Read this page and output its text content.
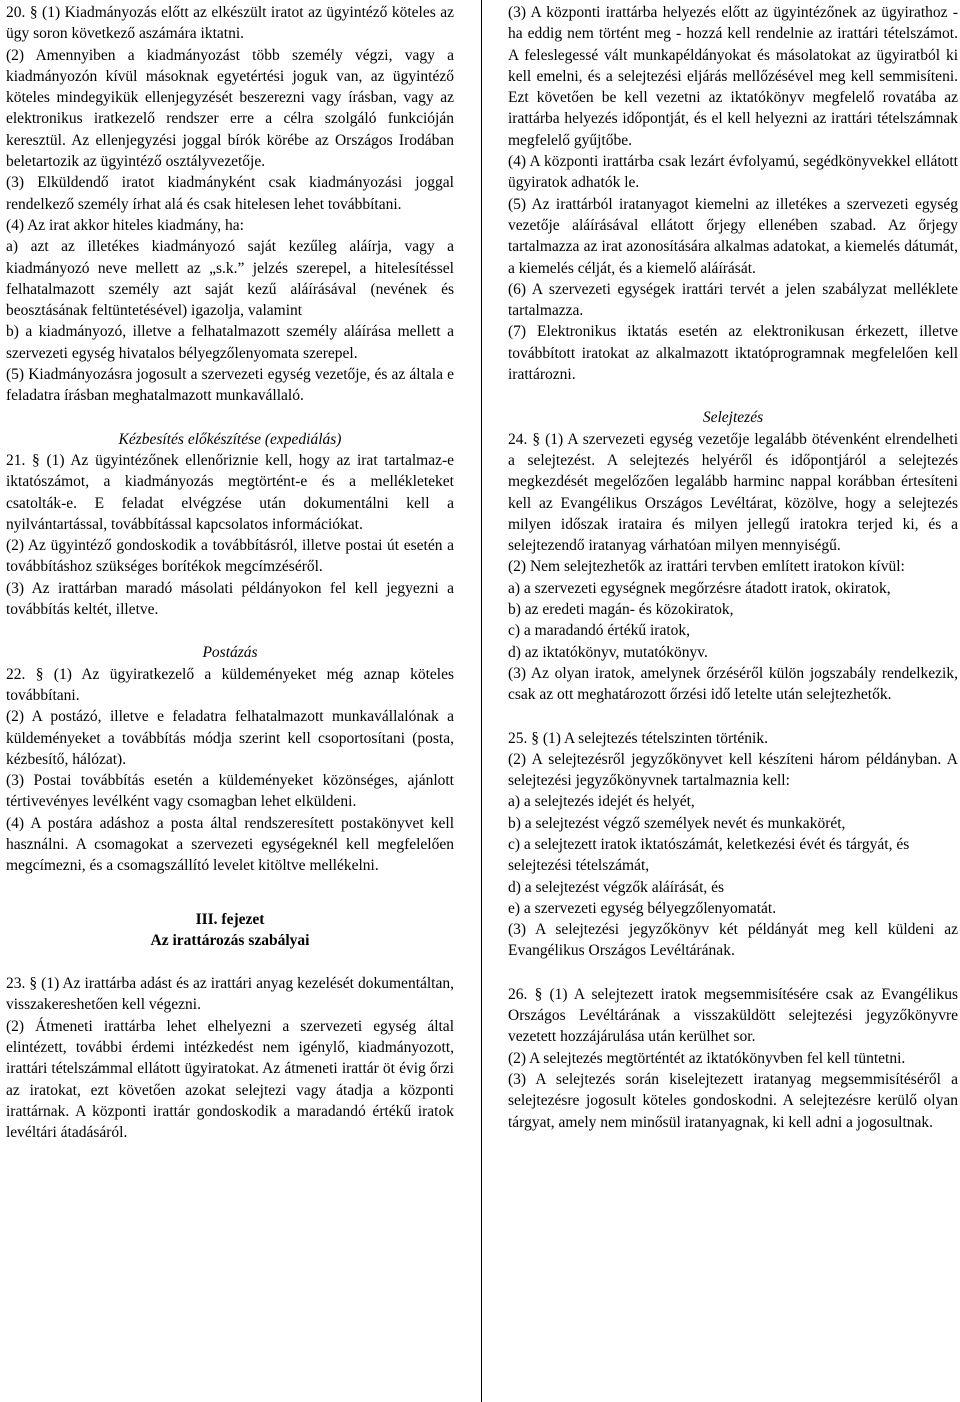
20. § (1) Kiadmányozás előtt az elkészült iratot az ügyintéző köteles az ügy soron következő aszámára iktatni.

(2) Amennyiben a kiadmányozást több személy végzi, vagy a kiadmányozón kívül másoknak egyetértési joguk van, az ügyintéző köteles mindegyikük ellenjegyzését beszerezni vagy írásban, vagy az elektronikus iratkezelő rendszer erre a célra szolgáló funkcióján keresztül. Az ellenjegyzési joggal bírók körébe az Országos Irodában beletartozik az ügyintéző osztályvezetője.

(3) Elküldendő iratot kiadmányként csak kiadmányozási joggal rendelkező személy írhat alá és csak hitelesen lehet továbbítani.

(4) Az irat akkor hiteles kiadmány, ha:

a) azt az illetékes kiadmányozó saját kezűleg aláírja, vagy a kiadmányozó neve mellett az „s.k.” jelzés szerepel, a hitelesítéssel felhatalmazott személy azt saját kezű aláírásával (nevének és beosztásának feltüntetésével) igazolja, valamint

b) a kiadmányozó, illetve a felhatalmazott személy aláírása mellett a szervezeti egység hivatalos bélyegzőlenyomata szerepel.

(5) Kiadmányozásra jogosult a szervezeti egység vezetője, és az általa e feladatra írásban meghatalmazott munkavállaló.

Kézbesítés előkészítése (expediálás)

21. § (1) Az ügyintézőnek ellenőriznie kell, hogy az irat tartalmaz-e iktatószámot, a kiadmányozás megtörtént-e és a mellékleteket csatolták-e. E feladat elvégzése után dokumentálni kell a nyilvántartással, továbbítással kapcsolatos információkat.

(2) Az ügyintéző gondoskodik a továbbításról, illetve postai út esetén a továbbításhoz szükséges borítékok megcímzéséről.

(3) Az irattárban maradó másolati példányokon fel kell jegyezni a továbbítás keltét, illetve.

Postázás

22. § (1) Az ügyiratkezelő a küldeményeket még aznap köteles továbbítani.

(2) A postázó, illetve e feladatra felhatalmazott munkavállalónak a küldeményeket a továbbítás módja szerint kell csoportosítani (posta, kézbesítő, hálózat).

(3) Postai továbbítás esetén a küldeményeket közönséges, ajánlott tértivevényes levélként vagy csomagban lehet elküldeni.

(4) A postára adáshoz a posta által rendszeresített postakönyvet kell használni. A csomagokat a szervezeti egységeknél kell megfelelően megcímezni, és a csomagszállító levelet kitöltve mellékelni.

III. fejezet

Az irattározás szabályai

23. § (1) Az irattárba adást és az irattári anyag kezelését dokumentáltan, visszakereshetően kell végezni.

(2) Átmeneti irattárba lehet elhelyezni a szervezeti egység által elintézett, további érdemi intézkedést nem igénylő, kiadmányozott, irattári tételszámmal ellátott ügyiratokat. Az átmeneti irattár öt évig őrzi az iratokat, ezt követően azokat selejtezi vagy átadja a központi irattárnak. A központi irattár gondoskodik a maradandó értékű iratok levéltári átadásáról.

(3) A központi irattárba helyezés előtt az ügyintézőnek az ügyirathoz - ha eddig nem történt meg - hozzá kell rendelnie az irattári tételszámot. A feleslegessé vált munkapéldányokat és másolatokat az ügyiratból ki kell emelni, és a selejtezési eljárás mellőzésével meg kell semmisíteni. Ezt követően be kell vezetni az iktatókönyv megfelelő rovatába az irattárba helyezés időpontját, és el kell helyezni az irattári tételszámnak megfelelő gyűjtőbe.

(4) A központi irattárba csak lezárt évfolyamú, segédkönyvekkel ellátott ügyiratok adhatók le.

(5) Az irattárból iratanyagot kiemelni az illetékes a szervezeti egység vezetője aláírásával ellátott őrjegy ellenében szabad. Az őrjegy tartalmazza az irat azonosítására alkalmas adatokat, a kiemelés dátumát, a kiemelés célját, és a kiemelő aláírását.

(6) A szervezeti egységek irattári tervét a jelen szabályzat melléklete tartalmazza.

(7) Elektronikus iktatás esetén az elektronikusan érkezett, illetve továbbított iratokat az alkalmazott iktatóprogramnak megfelelően kell irattározni.

Selejtezés

24. § (1) A szervezeti egység vezetője legalább ötévenként elrendelheti a selejtezést. A selejtezés helyéről és időpontjáról a selejtezés megkezdését megelőzően legalább harminc nappal korábban értesíteni kell az Evangélikus Országos Levéltárat, közölve, hogy a selejtezés milyen időszak irataira és milyen jellegű iratokra terjed ki, és a selejtezendő iratanyag várhatóan milyen mennyiségű.

(2) Nem selejtezhetők az irattári tervben említett iratokon kívül:

a) a szervezeti egységnek megőrzésre átadott iratok, okiratok,

b) az eredeti magán- és közokiratok,

c) a maradandó értékű iratok,

d) az iktatókönyv, mutatókönyv.

(3) Az olyan iratok, amelynek őrzéséről külön jogszabály rendelkezik, csak az ott meghatározott őrzési idő letelte után selejtezhetők.

25. § (1) A selejtezés tételszinten történik.

(2) A selejtezésről jegyzőkönyvet kell készíteni három példányban. A selejtezési jegyzőkönyvnek tartalmaznia kell:

a) a selejtezés idejét és helyét,

b) a selejtezést végző személyek nevét és munkakörét,

c) a selejtezett iratok iktatószámát, keletkezési évét és tárgyát, és selejtezési tételszámát,

d) a selejtezést végzők aláírását, és

e) a szervezeti egység bélyegzőlenyomatát.

(3) A selejtezési jegyzőkönyv két példányát meg kell küldeni az Evangélikus Országos Levéltárának.

26. § (1) A selejtezett iratok megsemmisítésére csak az Evangélikus Országos Levéltárának a visszaküldött selejtezési jegyzőkönyvre vezetett hozzájárulása után kerülhet sor.

(2) A selejtezés megtörténtét az iktatókönyvben fel kell tüntetni.

(3) A selejtezés során kiselejtezett iratanyag megsemmisítéséről a selejtezésre jogosult köteles gondoskodni. A selejtezésre kerülő olyan tárgyat, amely nem minősül iratanyagnak, ki kell adni a jogosultnak.
